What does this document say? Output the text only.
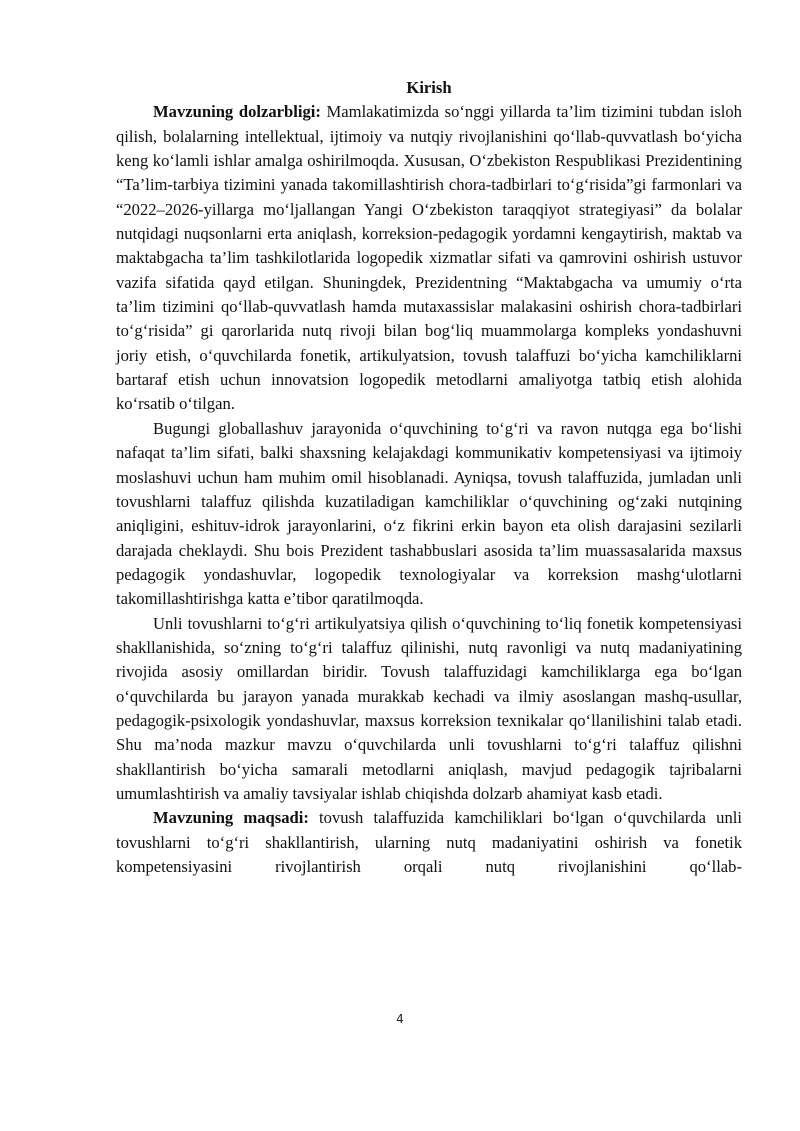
Kirish

Mavzuning dolzarbligi: Mamlakatimizda so‘nggi yillarda ta’lim tizimini tubdan isloh qilish, bolalarning intellektual, ijtimoiy va nutqiy rivojlanishini qo‘llab-quvvatlash bo‘yicha keng ko‘lamli ishlar amalga oshirilmoqda. Xususan, O‘zbekiston Respublikasi Prezidentining “Ta’lim-tarbiya tizimini yanada takomillashtirish chora-tadbirlari to‘g‘risida”gi farmonlari va “2022–2026-yillarga mo‘ljallangan Yangi O‘zbekiston taraqqiyot strategiyasi” da bolalar nutqidagi nuqsonlarni erta aniqlash, korreksion-pedagogik yordamni kengaytirish, maktab va maktabgacha ta’lim tashkilotlarida logopedik xizmatlar sifati va qamrovini oshirish ustuvor vazifa sifatida qayd etilgan. Shuningdek, Prezidentning “Maktabgacha va umumiy o‘rta ta’lim tizimini qo‘llab-quvvatlash hamda mutaxassislar malakasini oshirish chora-tadbirlari to‘g‘risida” gi qarorlarida nutq rivoji bilan bog‘liq muammolarga kompleks yondashuvni joriy etish, o‘quvchilarda fonetik, artikulyatsion, tovush talaffuzi bo‘yicha kamchiliklarni bartaraf etish uchun innovatsion logopedik metodlarni amaliyotga tatbiq etish alohida ko‘rsatib o‘tilgan.

Bugungi globallashuv jarayonida o‘quvchining to‘g‘ri va ravon nutqga ega bo‘lishi nafaqat ta’lim sifati, balki shaxsning kelajakdagi kommunikativ kompetensiyasi va ijtimoiy moslashuvi uchun ham muhim omil hisoblanadi. Ayniqsa, tovush talaffuzida, jumladan unli tovushlarni talaffuz qilishda kuzatiladigan kamchiliklar o‘quvchining og‘zaki nutqining aniqligini, eshituv-idrok jarayonlarini, o‘z fikrini erkin bayon eta olish darajasini sezilarli darajada cheklaydi. Shu bois Prezident tashabbuslari asosida ta’lim muassasalarida maxsus pedagogik yondashuvlar, logopedik texnologiyalar va korreksion mashg‘ulotlarni takomillashtirishga katta e’tibor qaratilmoqda.

Unli tovushlarni to‘g‘ri artikulyatsiya qilish o‘quvchining to‘liq fonetik kompetensiyasi shakllanishida, so‘zning to‘g‘ri talaffuz qilinishi, nutq ravonligi va nutq madaniyatining rivojida asosiy omillardan biridir. Tovush talaffuzidagi kamchiliklarga ega bo‘lgan o‘quvchilarda bu jarayon yanada murakkab kechadi va ilmiy asoslangan mashq-usullar, pedagogik-psixologik yondashuvlar, maxsus korreksion texnikalar qo‘llanilishini talab etadi. Shu ma’noda mazkur mavzu o‘quvchilarda unli tovushlarni to‘g‘ri talaffuz qilishni shakllantirish bo‘yicha samarali metodlarni aniqlash, mavjud pedagogik tajribalarni umumlashtirish va amaliy tavsiyalar ishlab chiqishda dolzarb ahamiyat kasb etadi.

Mavzuning maqsadi: tovush talaffuzida kamchiliklari bo‘lgan o‘quvchilarda unli tovushlarni to‘g‘ri shakllantirish, ularning nutq madaniyatini oshirish va fonetik kompetensiyasini rivojlantirish orqali nutq rivojlanishini qo‘llab-

4
